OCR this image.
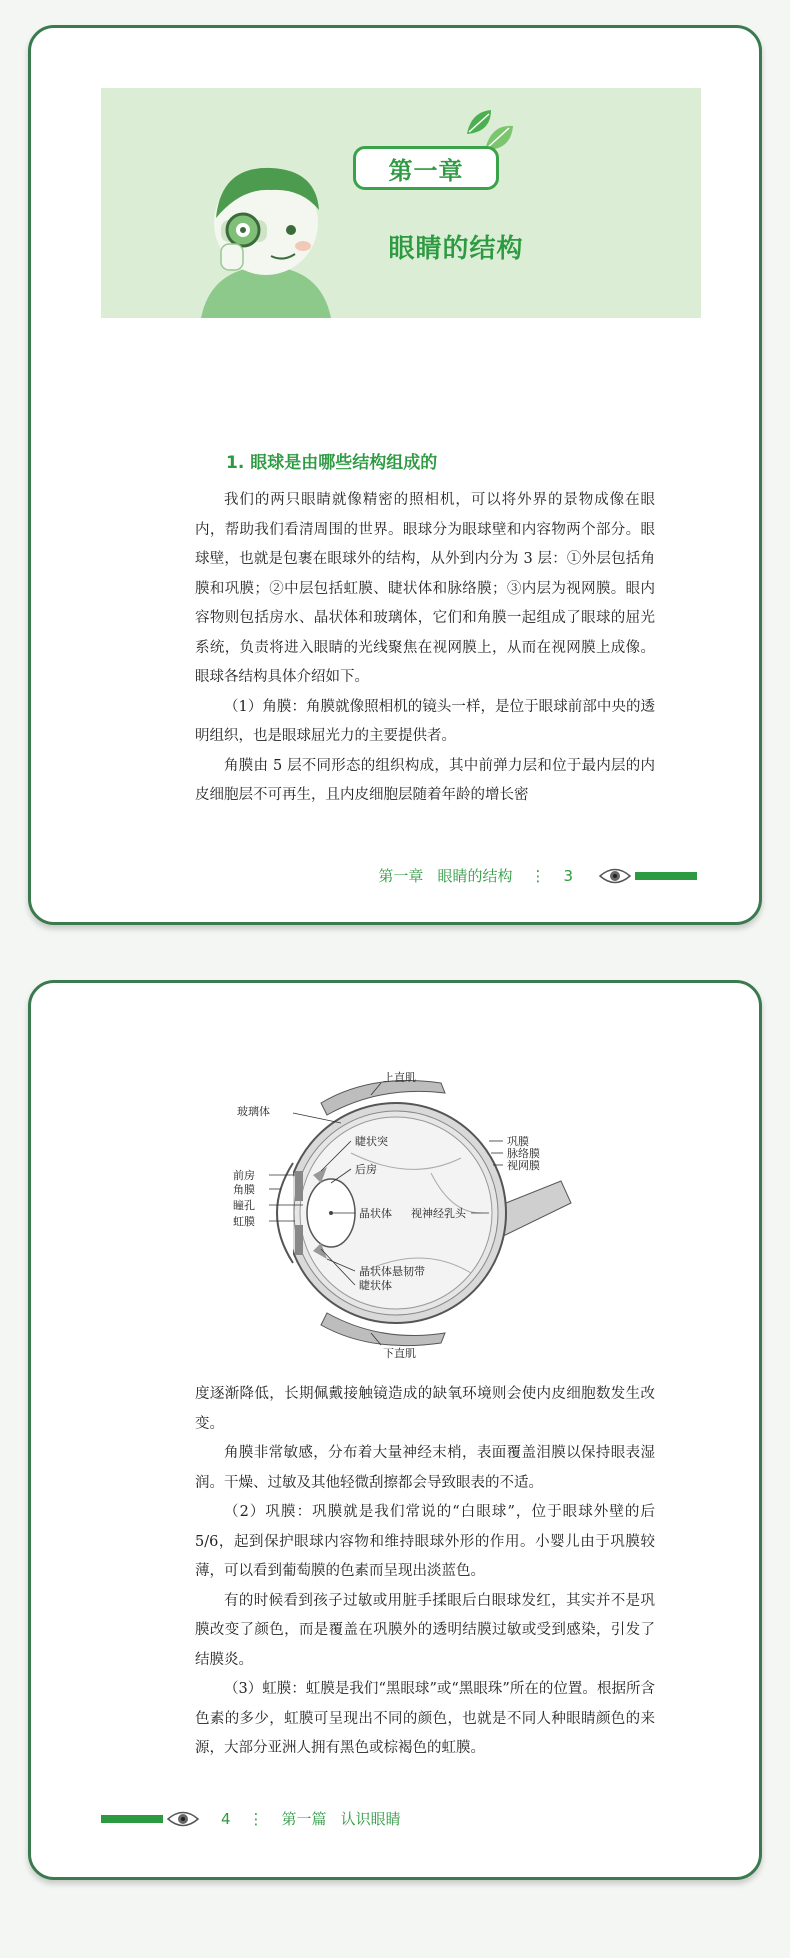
第一章
眼睛的结构
1. 眼球是由哪些结构组成的

我们的两只眼睛就像精密的照相机，可以将外界的景物成像在眼内，帮助我们看清周围的世界。眼球分为眼球壁和内容物两个部分。眼球壁，也就是包裹在眼球外的结构，从外到内分为 3 层：①外层包括角膜和巩膜；②中层包括虹膜、睫状体和脉络膜；③内层为视网膜。眼内容物则包括房水、晶状体和玻璃体，它们和角膜一起组成了眼球的屈光系统，负责将进入眼睛的光线聚焦在视网膜上，从而在视网膜上成像。眼球各结构具体介绍如下。

（1）角膜：角膜就像照相机的镜头一样，是位于眼球前部中央的透明组织，也是眼球屈光力的主要提供者。

角膜由 5 层不同形态的组织构成，其中前弹力层和位于最内层的内皮细胞层不可再生，且内皮细胞层随着年龄的增长密

第一章 眼睛的结构 ⋮ 3
上直肌
玻璃体
睫状突
后房
前房
角膜
瞳孔
虹膜
晶状体
巩膜
脉络膜
视网膜
视神经乳头
晶状体悬韧带
睫状体
下直肌

度逐渐降低，长期佩戴接触镜造成的缺氧环境则会使内皮细胞数发生改变。

角膜非常敏感，分布着大量神经末梢，表面覆盖泪膜以保持眼表湿润。干燥、过敏及其他轻微刮擦都会导致眼表的不适。

（2）巩膜：巩膜就是我们常说的“白眼球”，位于眼球外壁的后 5/6，起到保护眼球内容物和维持眼球外形的作用。小婴儿由于巩膜较薄，可以看到葡萄膜的色素而呈现出淡蓝色。

有的时候看到孩子过敏或用脏手揉眼后白眼球发红，其实并不是巩膜改变了颜色，而是覆盖在巩膜外的透明结膜过敏或受到感染，引发了结膜炎。

（3）虹膜：虹膜是我们“黑眼球”或“黑眼珠”所在的位置。根据所含色素的多少，虹膜可呈现出不同的颜色，也就是不同人种眼睛颜色的来源，大部分亚洲人拥有黑色或棕褐色的虹膜。

4 ⋮ 第一篇 认识眼睛
